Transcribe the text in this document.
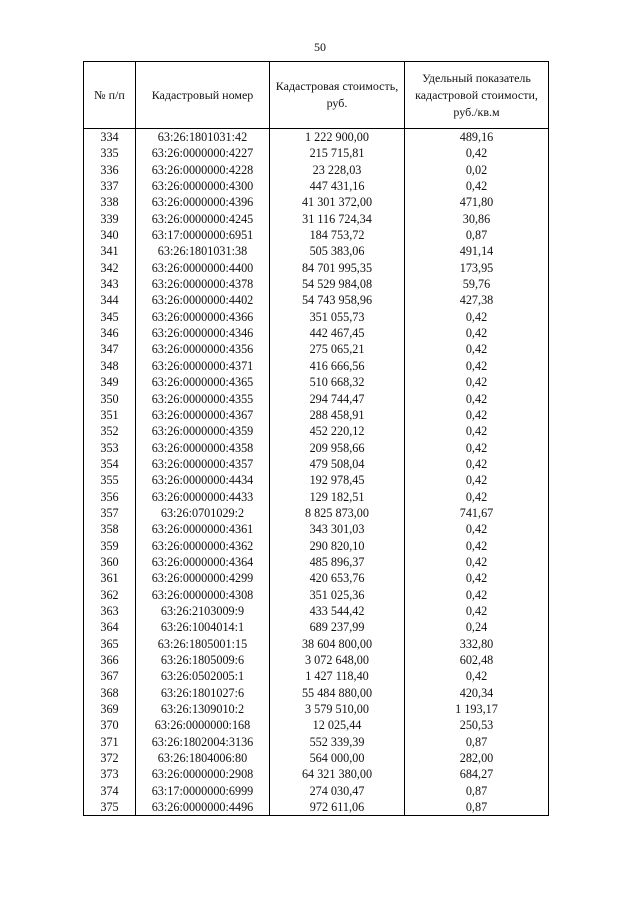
50
№ п/п	Кадастровый номер	Кадастровая стоимость, руб.	Удельный показатель кадастровой стоимости, руб./кв.м
334	63:26:1801031:42	1 222 900,00	489,16
335	63:26:0000000:4227	215 715,81	0,42
336	63:26:0000000:4228	23 228,03	0,02
337	63:26:0000000:4300	447 431,16	0,42
338	63:26:0000000:4396	41 301 372,00	471,80
339	63:26:0000000:4245	31 116 724,34	30,86
340	63:17:0000000:6951	184 753,72	0,87
341	63:26:1801031:38	505 383,06	491,14
342	63:26:0000000:4400	84 701 995,35	173,95
343	63:26:0000000:4378	54 529 984,08	59,76
344	63:26:0000000:4402	54 743 958,96	427,38
345	63:26:0000000:4366	351 055,73	0,42
346	63:26:0000000:4346	442 467,45	0,42
347	63:26:0000000:4356	275 065,21	0,42
348	63:26:0000000:4371	416 666,56	0,42
349	63:26:0000000:4365	510 668,32	0,42
350	63:26:0000000:4355	294 744,47	0,42
351	63:26:0000000:4367	288 458,91	0,42
352	63:26:0000000:4359	452 220,12	0,42
353	63:26:0000000:4358	209 958,66	0,42
354	63:26:0000000:4357	479 508,04	0,42
355	63:26:0000000:4434	192 978,45	0,42
356	63:26:0000000:4433	129 182,51	0,42
357	63:26:0701029:2	8 825 873,00	741,67
358	63:26:0000000:4361	343 301,03	0,42
359	63:26:0000000:4362	290 820,10	0,42
360	63:26:0000000:4364	485 896,37	0,42
361	63:26:0000000:4299	420 653,76	0,42
362	63:26:0000000:4308	351 025,36	0,42
363	63:26:2103009:9	433 544,42	0,42
364	63:26:1004014:1	689 237,99	0,24
365	63:26:1805001:15	38 604 800,00	332,80
366	63:26:1805009:6	3 072 648,00	602,48
367	63:26:0502005:1	1 427 118,40	0,42
368	63:26:1801027:6	55 484 880,00	420,34
369	63:26:1309010:2	3 579 510,00	1 193,17
370	63:26:0000000:168	12 025,44	250,53
371	63:26:1802004:3136	552 339,39	0,87
372	63:26:1804006:80	564 000,00	282,00
373	63:26:0000000:2908	64 321 380,00	684,27
374	63:17:0000000:6999	274 030,47	0,87
375	63:26:0000000:4496	972 611,06	0,87
